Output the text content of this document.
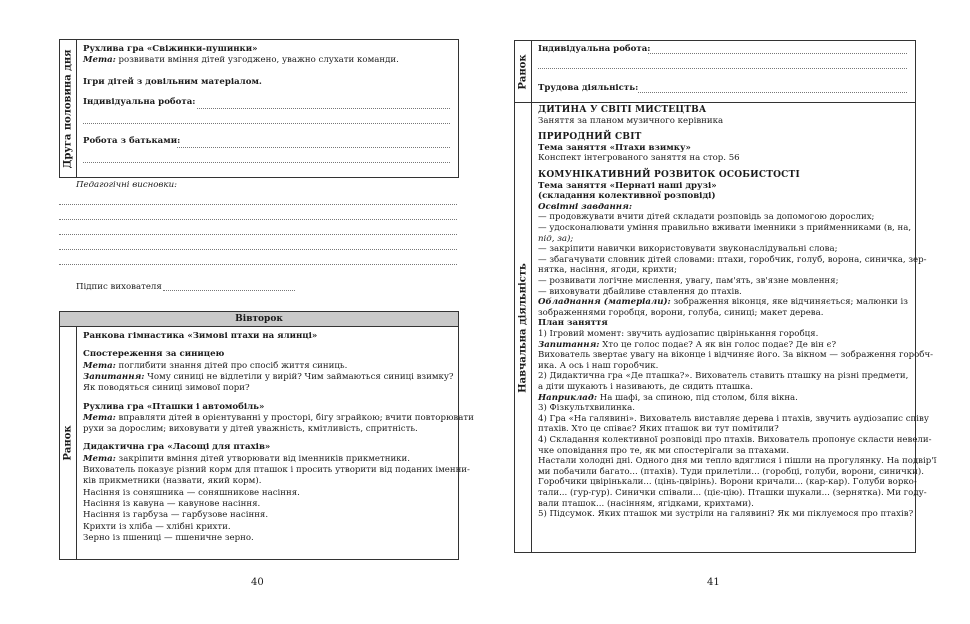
Друга половина дня Рухлива гра «Свіжинки-пушинки»
Мета: розвивати вміння дітей узгоджено, уважно слухати команди.
Ігри дітей з довільним матеріалом.
Індивідуальна робота:
Робота з батьками:
Педагогічні висновки:
Підпис вихователя
Вівторок
Ранок
Ранкова гімнастика «Зимові птахи на ялинці»
Спостереження за синицею
Мета: поглибити знання дітей про спосіб життя синиць.
Запитання: Чому синиці не відлетіли у вирій? Чим займаються синиці взимку?
Як поводяться синиці зимової пори?
Рухлива гра «Пташки і автомобіль»
Мета: вправляти дітей в орієнтуванні у просторі, бігу зграйкою; вчити повторювати
рухи за дорослим; виховувати у дітей уважність, кмітливість, спритність.
Дидактична гра «Ласощі для птахів»
Мета: закріпити вміння дітей утворювати від іменників прикметники.
Вихователь показує різний корм для пташок і просить утворити від поданих іменни-
ків прикметники (назвати, який корм).
Насіння із соняшника — соняшникове насіння.
Насіння із кавуна — кавунове насіння.
Насіння із гарбуза — гарбузове насіння.
Крихти із хліба — хлібні крихти.
Зерно із пшениці — пшеничне зерно.
40
Ранок
Індивідуальна робота:
Трудова діяльність:
Навчальна діяльність
ДИТИНА У СВІТІ МИСТЕЦТВА
Заняття за планом музичного керівника
ПРИРОДНИЙ СВІТ
Тема заняття «Птахи взимку»
Конспект інтегрованого заняття на стор. 56
КОМУНІКАТИВНИЙ РОЗВИТОК ОСОБИСТОСТІ
Тема заняття «Пернаті наші друзі»
(складання колективної розповіді)
Освітні завдання:
— продовжувати вчити дітей складати розповідь за допомогою дорослих;
— удосконалювати уміння правильно вживати іменники з прийменниками (в, на,
під, за);
— закріпити навички використовувати звуконаслідувальні слова;
— збагачувати словник дітей словами: птахи, горобчик, голуб, ворона, синичка, зер-
нятка, насіння, ягоди, крихти;
— розвивати логічне мислення, увагу, пам'ять, зв'язне мовлення;
— виховувати дбайливе ставлення до птахів.
Обладнання (матеріали): зображення віконця, яке відчиняється; малюнки із
зображеннями горобця, ворони, голуба, синиці; макет дерева.
План заняття
1) Ігровий момент: звучить аудіозапис цвірінькання горобця.
Запитання: Хто це голос подає? А як він голос подає? Де він є?
Вихователь звертає увагу на віконце і відчиняє його. За вікном — зображення горобч-
ика. А ось і наш горобчик.
2) Дидактична гра «Де пташка?». Вихователь ставить пташку на різні предмети,
а діти шукають і називають, де сидить пташка.
Наприклад: На шафі, за спиною, під столом, біля вікна.
3) Фізкультхвилинка.
4) Гра «На галявині». Вихователь виставляє дерева і птахів, звучить аудіозапис співу
птахів. Хто це співає? Яких пташок ви тут помітили?
4) Складання колективної розповіді про птахів. Вихователь пропонує скласти невели-
чке оповідання про те, як ми спостерігали за птахами.
Настали холодні дні. Одного дня ми тепло вдяглися і пішли на прогулянку. На подвір'ї
ми побачили багато... (птахів). Туди прилетіли... (горобці, голуби, ворони, синички).
Горобчики цвірінькали... (цінь-цвірінь). Ворони кричали... (кар-кар). Голуби ворко-
тали... (гур-гур). Синички співали... (ціє-цію). Пташки шукали... (зернятка). Ми году-
вали пташок... (насінням, ягідками, крихтами).
5) Підсумок. Яких пташок ми зустріли на галявині? Як ми піклуємося про птахів?
41
